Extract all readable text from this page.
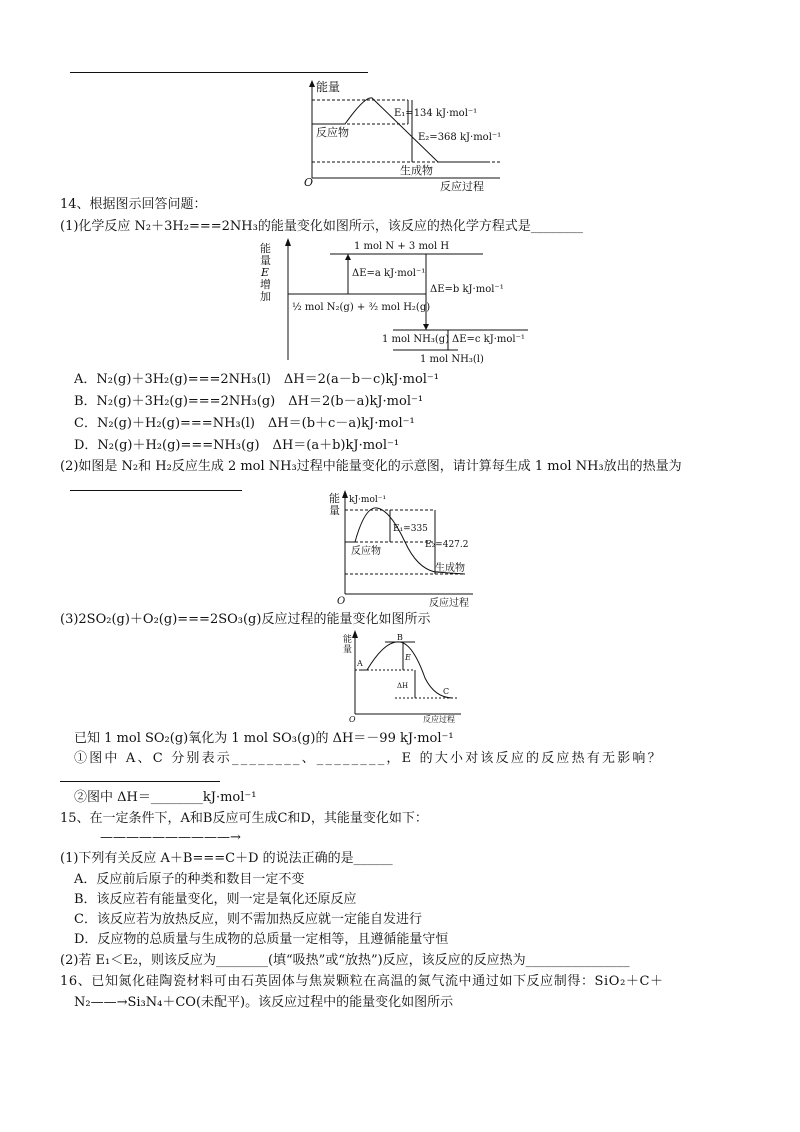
能量
E₁=134 kJ·mol⁻¹
E₂=368 kJ·mol⁻¹
反应物
生成物
O	反应过程
14、根据图示回答问题：
(1)化学反应 N₂＋3H₂===2NH₃的能量变化如图所示，该反应的热化学方程式是________
能
量
E
增
加
1 mol N + 3 mol H
ΔE=a kJ·mol⁻¹
ΔE=b kJ·mol⁻¹
½ mol N₂(g) + ³⁄₂ mol H₂(g)
1 mol NH₃(g) ΔE=c kJ·mol⁻¹
1 mol NH₃(l)
A．N₂(g)＋3H₂(g)===2NH₃(l)　ΔH＝2(a－b－c)kJ·mol⁻¹
B．N₂(g)＋3H₂(g)===2NH₃(g)　ΔH＝2(b－a)kJ·mol⁻¹
C．N₂(g)＋H₂(g)===NH₃(l)　ΔH＝(b＋c－a)kJ·mol⁻¹
D．N₂(g)＋H₂(g)===NH₃(g)　ΔH＝(a＋b)kJ·mol⁻¹
(2)如图是 N₂和 H₂反应生成 2 mol NH₃过程中能量变化的示意图，请计算每生成 1 mol NH₃放出的热量为
能
量
kJ·mol⁻¹
E₁=335
E₂=427.2
反应物
生成物
O	反应过程
(3)2SO₂(g)＋O₂(g)===2SO₃(g)反应过程的能量变化如图所示
能
量
A
B
C
E
ΔH
O	反应过程
已知 1 mol SO₂(g)氧化为 1 mol SO₃(g)的 ΔH＝－99 kJ·mol⁻¹
①图中 A、C 分别表示________、________，E 的大小对该反应的反应热有无影响？
②图中 ΔH＝________kJ·mol⁻¹
15、在一定条件下，A和B反应可生成C和D，其能量变化如下：
——————————→
(1)下列有关反应 A＋B===C＋D 的说法正确的是______
A．反应前后原子的种类和数目一定不变
B．该反应若有能量变化，则一定是氧化还原反应
C．该反应若为放热反应，则不需加热反应就一定能自发进行
D．反应物的总质量与生成物的总质量一定相等，且遵循能量守恒
(2)若 E₁＜E₂，则该反应为________(填“吸热”或“放热”)反应，该反应的反应热为________________
16、已知氮化硅陶瓷材料可由石英固体与焦炭颗粒在高温的氮气流中通过如下反应制得：SiO₂＋C＋
N₂——→Si₃N₄＋CO(未配平)。该反应过程中的能量变化如图所示
